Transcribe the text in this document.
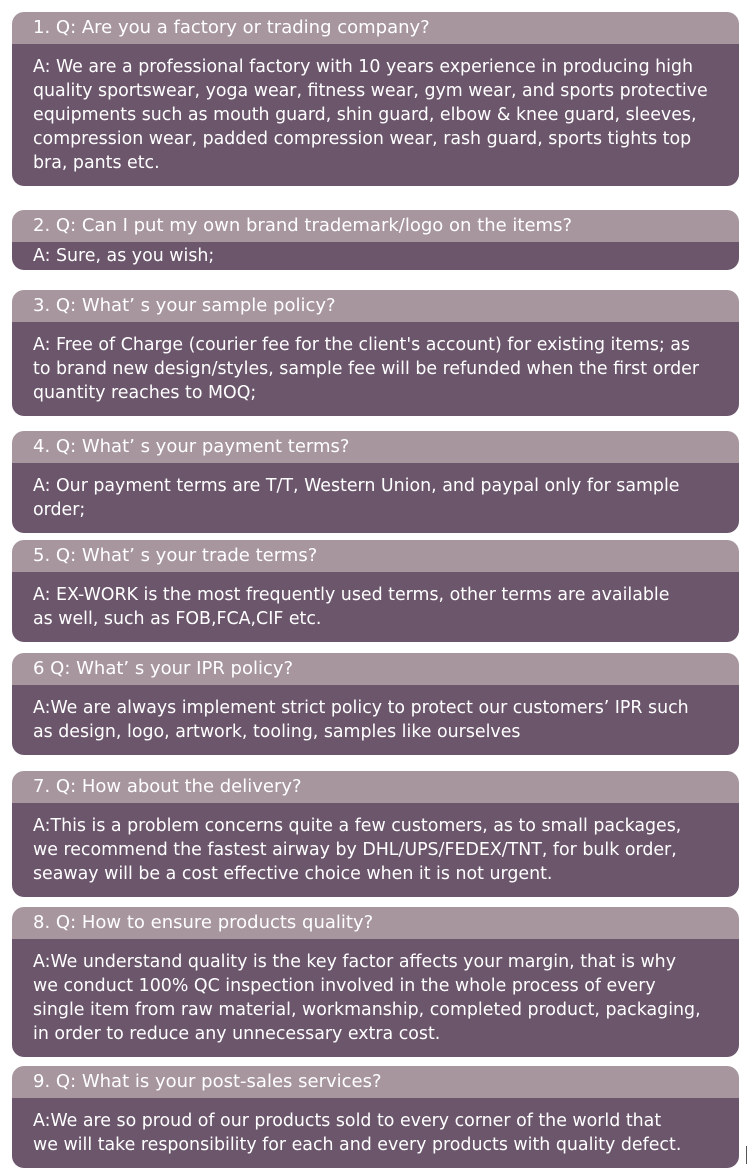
1. Q: Are you a factory or trading company?
A: We are a professional factory with 10 years experience in producing high
quality sportswear, yoga wear, fitness wear, gym wear, and sports protective
equipments such as mouth guard, shin guard, elbow & knee guard, sleeves,
compression wear, padded compression wear, rash guard, sports tights top
bra, pants etc.
2. Q: Can I put my own brand trademark/logo on the items?
A: Sure, as you wish;
3. Q: What’ s your sample policy?
A: Free of Charge (courier fee for the client's account) for existing items; as
to brand new design/styles, sample fee will be refunded when the first order
quantity reaches to MOQ;
4. Q: What’ s your payment terms?
A: Our payment terms are T/T, Western Union, and paypal only for sample
order;
5. Q: What’ s your trade terms?
A: EX-WORK is the most frequently used terms, other terms are available
as well, such as FOB,FCA,CIF etc.
6 Q: What’ s your IPR policy?
A:We are always implement strict policy to protect our customers’ IPR such
as design, logo, artwork, tooling, samples like ourselves
7. Q: How about the delivery?
A:This is a problem concerns quite a few customers, as to small packages,
we recommend the fastest airway by DHL/UPS/FEDEX/TNT, for bulk order,
seaway will be a cost effective choice when it is not urgent.
8. Q: How to ensure products quality?
A:We understand quality is the key factor affects your margin, that is why
we conduct 100% QC inspection involved in the whole process of every
single item from raw material, workmanship, completed product, packaging,
in order to reduce any unnecessary extra cost.
9. Q: What is your post-sales services?
A:We are so proud of our products sold to every corner of the world that
we will take responsibility for each and every products with quality defect.
